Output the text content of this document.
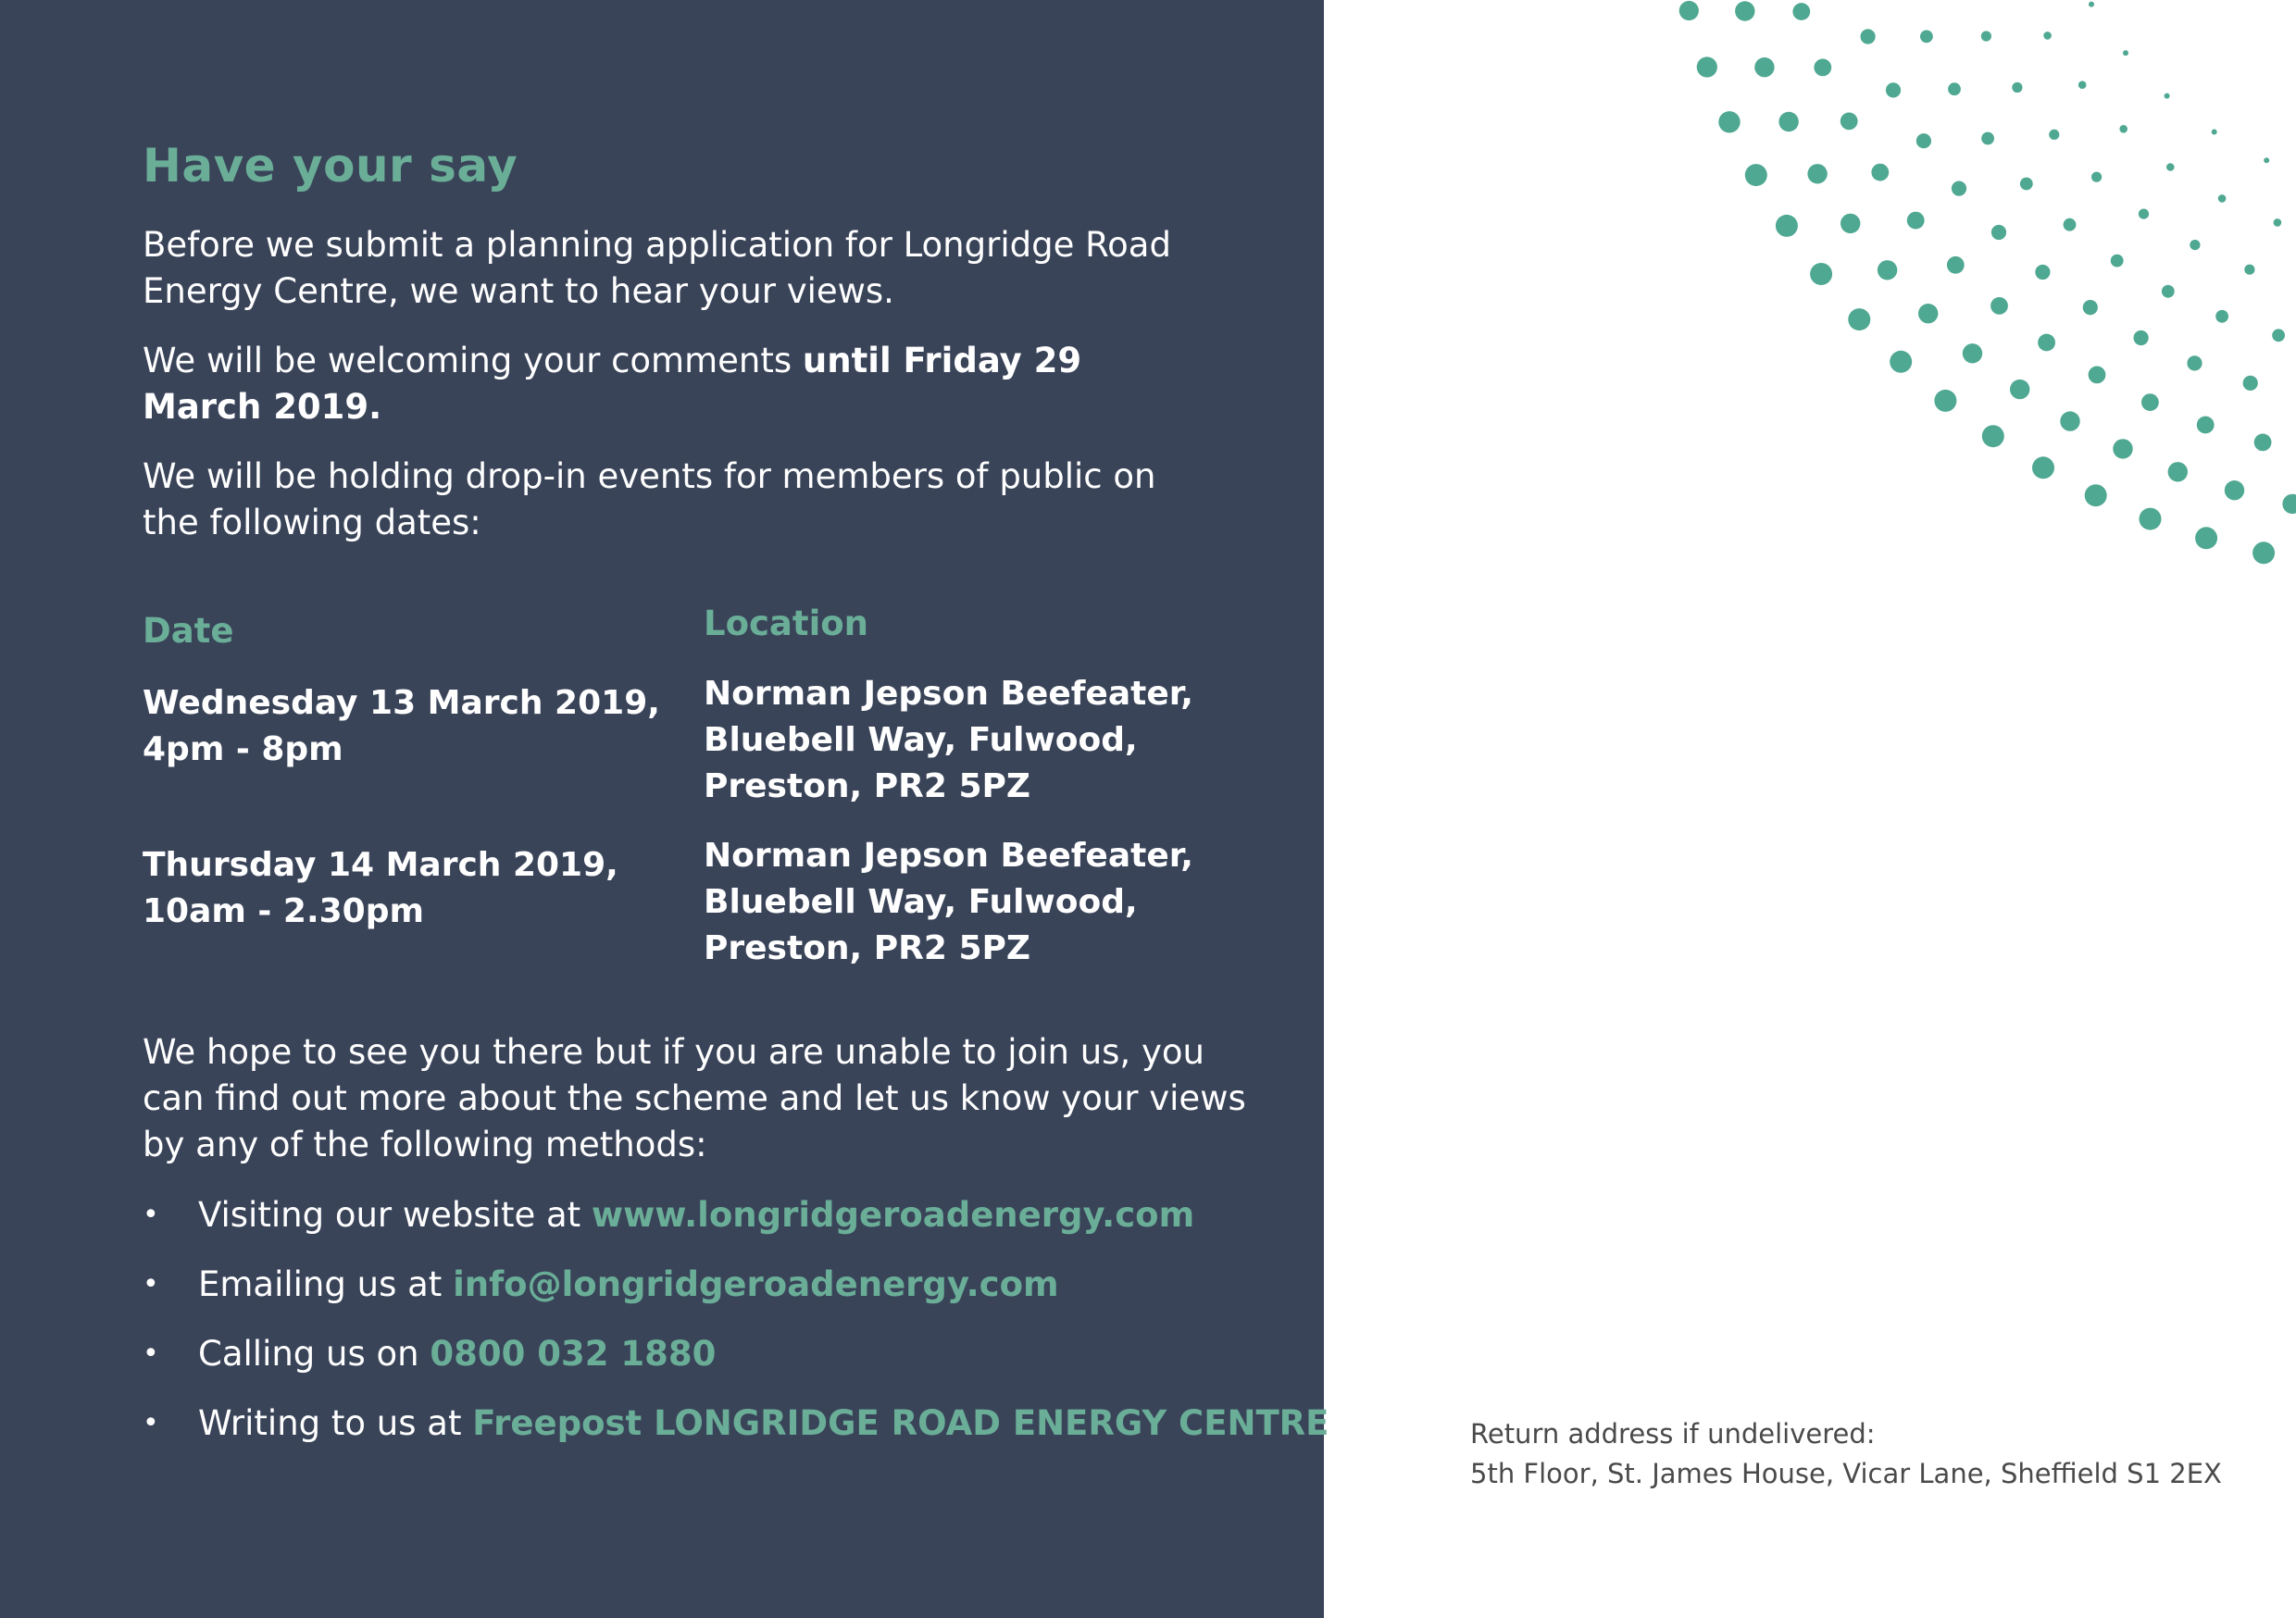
Have your say

Before we submit a planning application for Longridge Road Energy Centre, we want to hear your views.

We will be welcoming your comments until Friday 29 March 2019.

We will be holding drop-in events for members of public on the following dates:

Date	Location

Wednesday 13 March 2019,
4pm - 8pm

Norman Jepson Beefeater,
Bluebell Way, Fulwood,
Preston, PR2 5PZ

Thursday 14 March 2019,
10am - 2.30pm

Norman Jepson Beefeater,
Bluebell Way, Fulwood,
Preston, PR2 5PZ

We hope to see you there but if you are unable to join us, you can find out more about the scheme and let us know your views by any of the following methods:

• Visiting our website at www.longridgeroadenergy.com
• Emailing us at info@longridgeroadenergy.com
• Calling us on 0800 032 1880
• Writing to us at Freepost LONGRIDGE ROAD ENERGY CENTRE	Return address if undelivered:
5th Floor, St. James House, Vicar Lane, Sheffield S1 2EX
